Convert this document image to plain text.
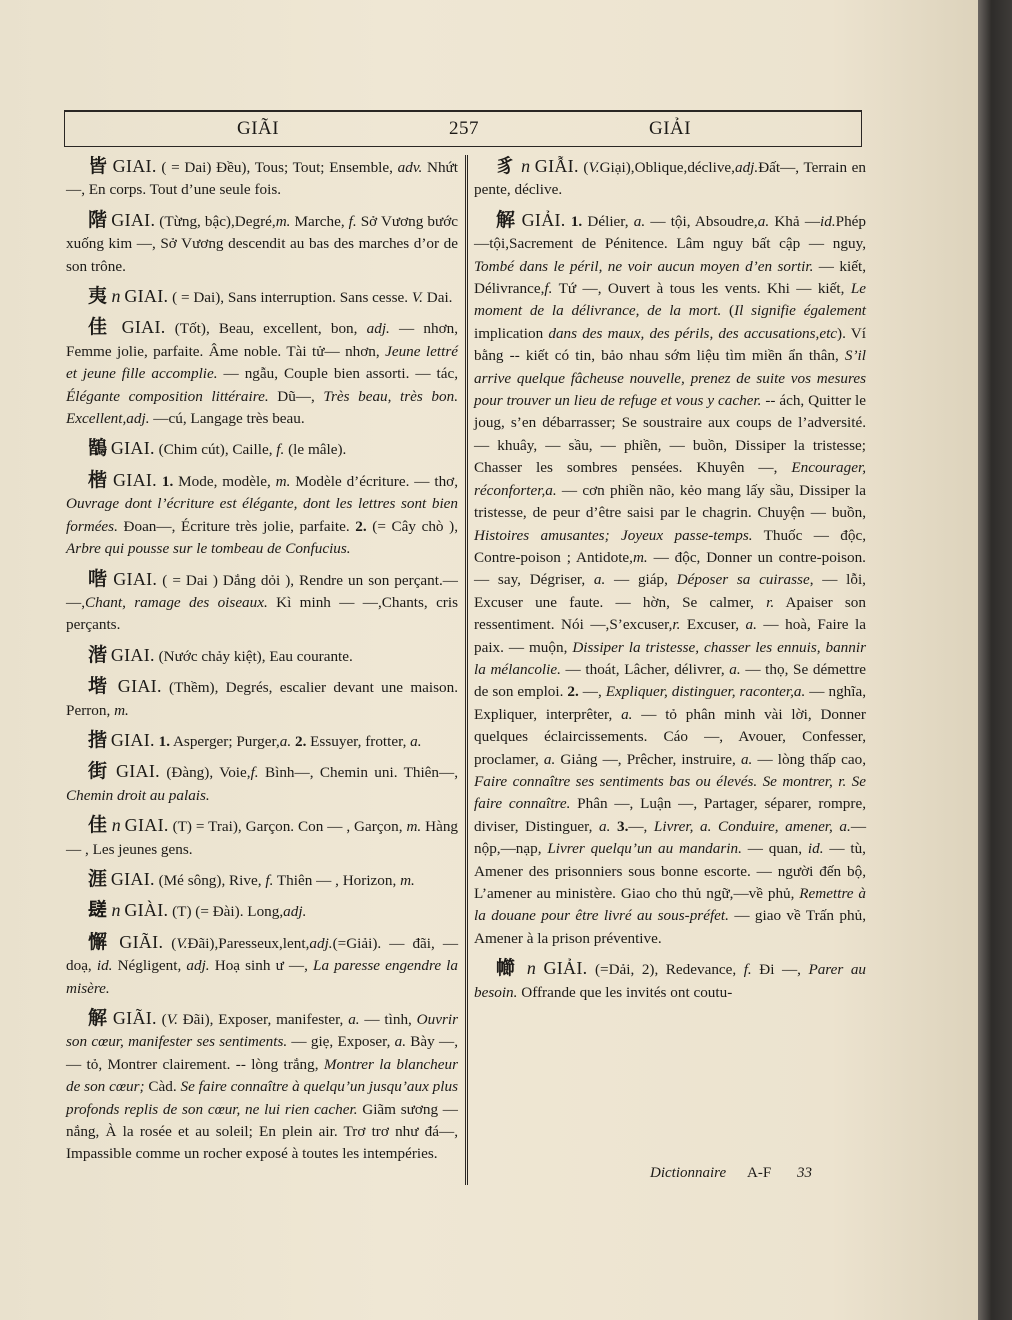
GIÃI	257	GIẢI

皆 GIAI. ( = Dai) Đều), Tous; Tout; Ensemble, adv. Nhứt—, En corps. Tout d’une seule fois.

階 GIAI. (Từng, bậc),Degré,m. Marche, f. Sở Vương bước xuống kim —, Sở Vương descendit au bas des marches d’or de son trône.

夷 n GIAI. ( = Dai), Sans interruption. Sans cesse. V. Dai.

佳 GIAI. (Tốt), Beau, excellent, bon, adj. — nhơn, Femme jolie, parfaite. Âme noble. Tài tử— nhơn, Jeune lettré et jeune fille accomplie. — ngẫu, Couple bien assorti. — tác, Élégante composition littéraire. Dũ—, Très beau, très bon. Excellent,adj. —cú, Langage très beau.

鶛 GIAI. (Chim cút), Caille, f. (le mâle).

楷 GIAI. 1. Mode, modèle, m. Modèle d’écriture. — thơ, Ouvrage dont l’écriture est élégante, dont les lettres sont bien formées. Đoan—, Écriture très jolie, parfaite. 2. (= Cây chò ), Arbre qui pousse sur le tombeau de Confucius.

喈 GIAI. ( = Dai ) Dắng dỏi ), Rendre un son perçant.— —,Chant, ramage des oiseaux. Kì minh — —,Chants, cris perçants.

湝 GIAI. (Nước chảy kiệt), Eau courante.

堦 GIAI. (Thềm), Degrés, escalier devant une maison. Perron, m.

揩 GIAI. 1. Asperger; Purger,a. 2. Essuyer, frotter, a.

街 GIAI. (Đàng), Voie,f. Bình—, Chemin uni. Thiên—, Chemin droit au palais.

佳 n GIAI. (T) = Trai), Garçon. Con — , Garçon, m. Hàng — , Les jeunes gens.

涯 GIAI. (Mé sông), Rive, f. Thiên — , Horizon, m.

𨲠 n GIÀI. (T) (= Đài). Long,adj.

懈 GIÃI. (V.Đãi),Paresseux,lent,adj.(=Giải). — đãi, — doạ, id. Négligent, adj. Hoạ sinh ư —, La paresse engendre la misère.

解 GIÃI. (V. Đãi), Exposer, manifester, a. — tình, Ouvrir son cœur, manifester ses sentiments. — giẹ, Exposer, a. Bày —, — tỏ, Montrer clairement. -- lòng trắng, Montrer la blancheur de son cœur; Càd. Se faire connaître à quelqu’un jusqu’aux plus profonds replis de son cœur, ne lui rien cacher. Giãm sương — nắng, À la rosée et au soleil; En plein air. Trơ trơ như đá—, Impassible comme un rocher exposé à toutes les intempéries.

豸 n GIẪI. (V.Giại),Oblique,déclive,adj.Đất—, Terrain en pente, déclive.

解 GIẢI. 1. Délier, a. — tội, Absoudre,a. Khả —id.Phép—tội,Sacrement de Pénitence. Lâm nguy bất cập — nguy, Tombé dans le péril, ne voir aucun moyen d’en sortir. — kiết, Délivrance,f. Tứ —, Ouvert à tous les vents. Khi — kiết, Le moment de la délivrance, de la mort. (Il signifie également implication dans des maux, des périls, des accusations,etc). Ví bằng -- kiết có tin, bảo nhau sớm liệu tìm miền ẩn thân, S’il arrive quelque fâcheuse nouvelle, prenez de suite vos mesures pour trouver un lieu de refuge et vous y cacher. -- ách, Quitter le joug, s’en débarrasser; Se soustraire aux coups de l’adversité. — khuây, — sầu, — phiền, — buồn, Dissiper la tristesse; Chasser les sombres pensées. Khuyên —, Encourager, réconforter,a. — cơn phiền não, kẻo mang lấy sầu, Dissiper la tristesse, de peur d’être saisi par le chagrin. Chuyện — buồn, Histoires amusantes; Joyeux passe-temps. Thuốc — độc, Contre-poison ; Antidote,m. — độc, Donner un contre-poison. — say, Dégriser, a. — giáp, Déposer sa cuirasse, — lỗi, Excuser une faute. — hờn, Se calmer, r. Apaiser son ressentiment. Nói —,S’excuser,r. Excuser, a. — hoà, Faire la paix. — muộn, Dissiper la tristesse, chasser les ennuis, bannir la mélancolie. — thoát, Lâcher, délivrer, a. — thọ, Se démettre de son emploi. 2. —, Expliquer, distinguer, raconter,a. — nghĩa, Expliquer, interprêter, a. — tỏ phân minh vài lời, Donner quelques éclaircissements. Cáo —, Avouer, Confesser, proclamer, a. Giảng —, Prêcher, instruire, a. — lòng thấp cao, Faire connaître ses sentiments bas ou élevés. Se montrer, r. Se faire connaître. Phân —, Luận —, Partager, séparer, rompre, diviser, Distinguer, a. 3.—, Livrer, a. Conduire, amener, a.— nộp,—nạp, Livrer quelqu’un au mandarin. — quan, id. — tù, Amener des prisonniers sous bonne escorte. — người đến bộ, L’amener au ministère. Giao cho thủ ngữ,—về phủ, Remettre à la douane pour être livré au sous-préfet. — giao về Trấn phủ, Amener à la prison préventive.

幯 n GIẢI. (=Dải, 2), Redevance, f. Đi —, Parer au besoin. Offrande que les invités ont coutu-

Dictionnaire A-F 33
